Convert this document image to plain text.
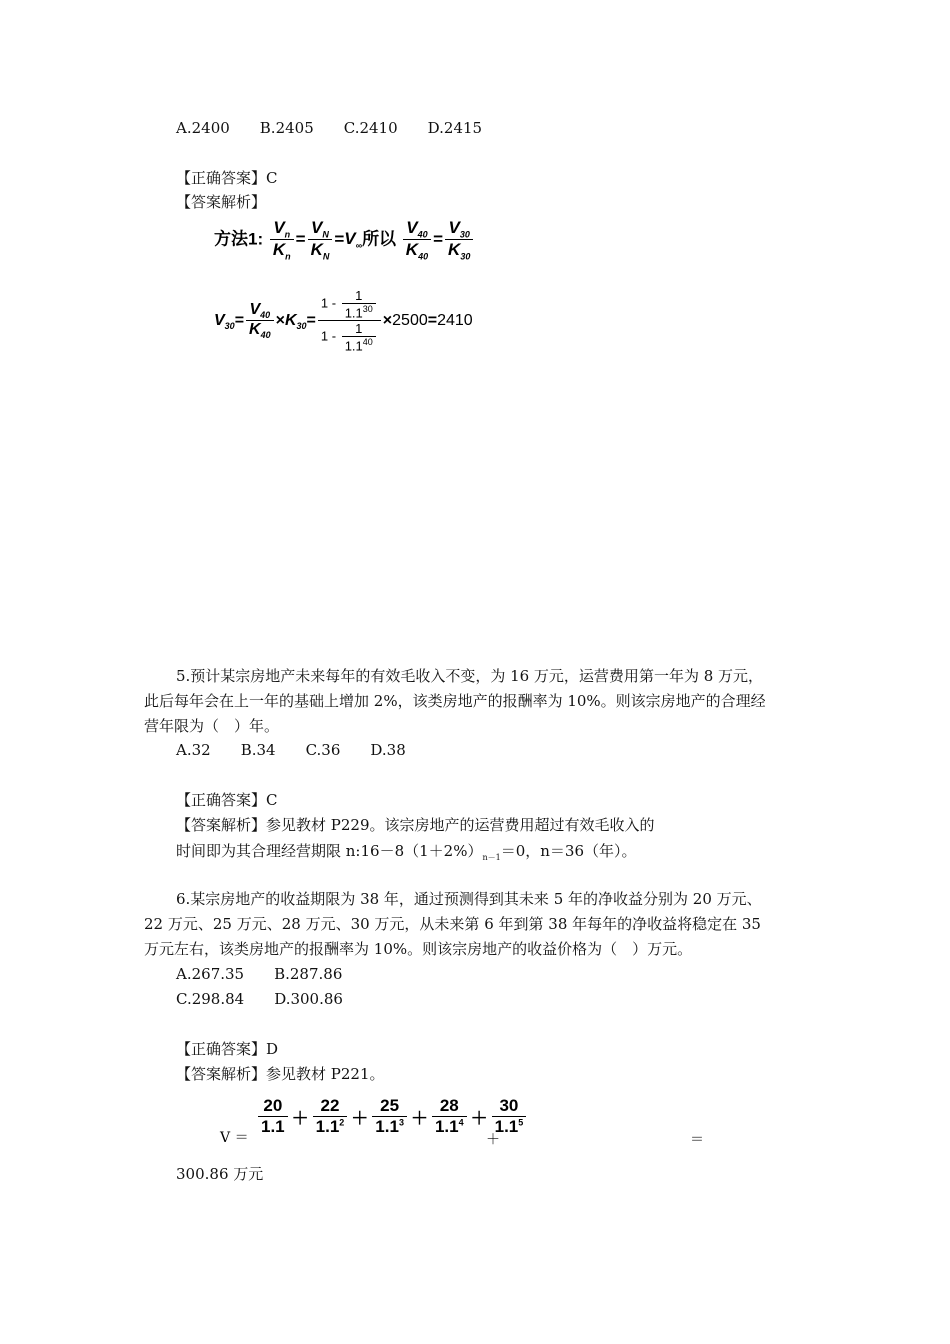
A.2400 B.2405 C.2410 D.2415
【正确答案】C
【答案解析】
方法1: $\frac{V_n}{K_n} = \frac{V_N}{K_N} =V_\infty$所以 $\frac{V_{40}}{K_{40}} = \frac{V_{30}}{K_{30}}$
$V_{30}= \frac{V_{40}}{K_{40}} \times K_{30}= \frac{1 - \frac{1}{1.1^{30}}}{1 - \frac{1}{1.1^{40}}} \times 2500=2410$
5.预计某宗房地产未来每年的有效毛收入不变，为 16 万元，运营费用第一年为 8 万元，
此后每年会在上一年的基础上增加 2%，该类房地产的报酬率为 10%。则该宗房地产的合理经
营年限为（　）年。
A.32 B.34 C.36 D.38
【正确答案】C
【答案解析】参见教材 P229。该宗房地产的运营费用超过有效毛收入的
时间即为其合理经营期限 $n:16-8(1+2\%)_{n-1}=0$，n＝36（年）。
6.某宗房地产的收益期限为 38 年，通过预测得到其未来 5 年的净收益分别为 20 万元、
22 万元、25 万元、28 万元、30 万元，从未来第 6 年到第 38 年每年的净收益将稳定在 35
万元左右，该类房地产的报酬率为 10%。则该宗房地产的收益价格为（　）万元。
A.267.35 B.287.86
C.298.84 D.300.86
【正确答案】D
【答案解析】参见教材 P221。
V ＝
$\frac{20}{1.1} + \frac{22}{1.1^2} + \frac{25}{1.1^3} + \frac{28}{1.1^4} + \frac{30}{1.1^5}$
＋	＝
300.86 万元
